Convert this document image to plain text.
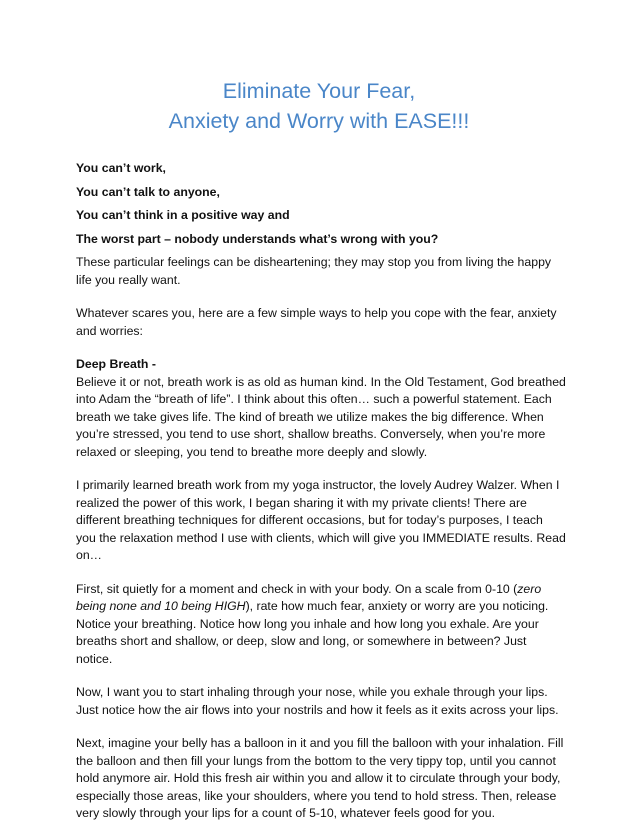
Eliminate Your Fear,
Anxiety and Worry with EASE!!!
You can’t work,
You can’t talk to anyone,
You can’t think in a positive way and
The worst part – nobody understands what’s wrong with you?

These particular feelings can be disheartening; they may stop you from living the happy life you really want.

Whatever scares you, here are a few simple ways to help you cope with the fear, anxiety and worries:

Deep Breath -
Believe it or not, breath work is as old as human kind. In the Old Testament, God breathed into Adam the “breath of life”. I think about this often… such a powerful statement. Each breath we take gives life. The kind of breath we utilize makes the big difference. When you’re stressed, you tend to use short, shallow breaths. Conversely, when you’re more relaxed or sleeping, you tend to breathe more deeply and slowly.

I primarily learned breath work from my yoga instructor, the lovely Audrey Walzer. When I realized the power of this work, I began sharing it with my private clients! There are different breathing techniques for different occasions, but for today’s purposes, I teach you the relaxation method I use with clients, which will give you IMMEDIATE results. Read on…

First, sit quietly for a moment and check in with your body. On a scale from 0-10 (zero being none and 10 being HIGH), rate how much fear, anxiety or worry are you noticing. Notice your breathing. Notice how long you inhale and how long you exhale. Are your breaths short and shallow, or deep, slow and long, or somewhere in between? Just notice.

Now, I want you to start inhaling through your nose, while you exhale through your lips. Just notice how the air flows into your nostrils and how it feels as it exits across your lips.

Next, imagine your belly has a balloon in it and you fill the balloon with your inhalation. Fill the balloon and then fill your lungs from the bottom to the very tippy top, until you cannot hold anymore air. Hold this fresh air within you and allow it to circulate through your body, especially those areas, like your shoulders, where you tend to hold stress. Then, release very slowly through your lips for a count of 5-10, whatever feels good for you.
